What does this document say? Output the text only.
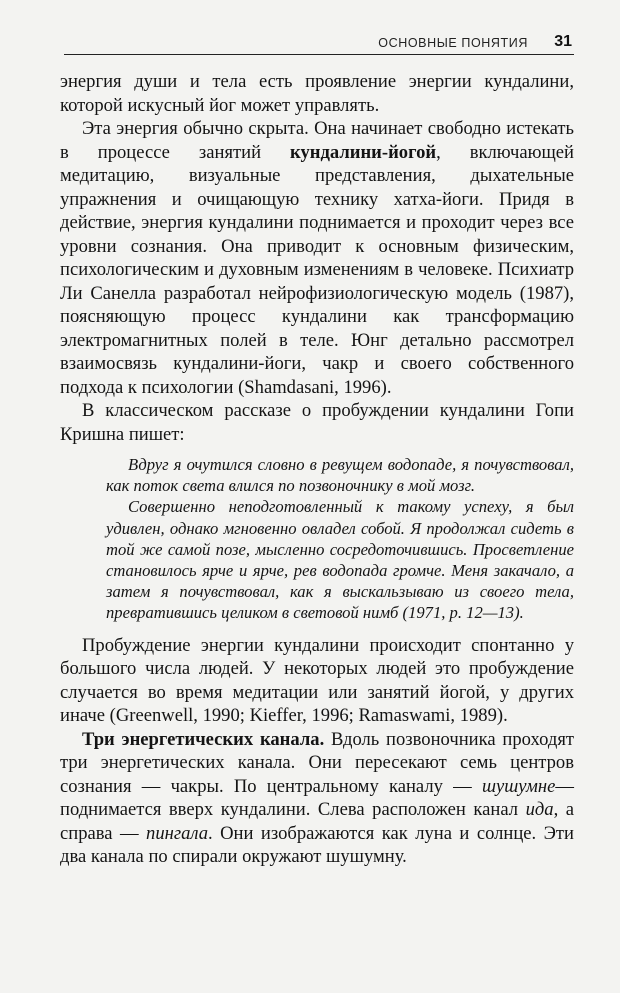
ОСНОВНЫЕ ПОНЯТИЯ 31

энергия души и тела есть проявление энергии кундалини, которой искусный йог может управлять.

Эта энергия обычно скрыта. Она начинает свободно истекать в процессе занятий кундалини-йогой, включающей медитацию, визуальные представления, дыхательные упражнения и очищающую технику хатха-йоги. Придя в действие, энергия кундалини поднимается и проходит через все уровни сознания. Она приводит к основным физическим, психологическим и духовным изменениям в человеке. Психиатр Ли Санелла разработал нейрофизиологическую модель (1987), поясняющую процесс кундалини как трансформацию электромагнитных полей в теле. Юнг детально рассмотрел взаимосвязь кундалини-йоги, чакр и своего собственного подхода к психологии (Shamdasani, 1996).

В классическом рассказе о пробуждении кундалини Гопи Кришна пишет:

Вдруг я очутился словно в ревущем водопаде, я почувствовал, как поток света влился по позвоночнику в мой мозг.

Совершенно неподготовленный к такому успеху, я был удивлен, однако мгновенно овладел собой. Я продолжал сидеть в той же самой позе, мысленно сосредоточившись. Просветление становилось ярче и ярче, рев водопада громче. Меня закачало, а затем я почувствовал, как я выскальзываю из своего тела, превратившись целиком в световой нимб (1971, р. 12—13).

Пробуждение энергии кундалини происходит спонтанно у большого числа людей. У некоторых людей это пробуждение случается во время медитации или занятий йогой, у других иначе (Greenwell, 1990; Kieffer, 1996; Ramaswami, 1989).

Три энергетических канала. Вдоль позвоночника проходят три энергетических канала. Они пересекают семь центров сознания — чакры. По центральному каналу — шушумне— поднимается вверх кундалини. Слева расположен канал ида, а справа — пингала. Они изображаются как луна и солнце. Эти два канала по спирали окружают шушумну.
